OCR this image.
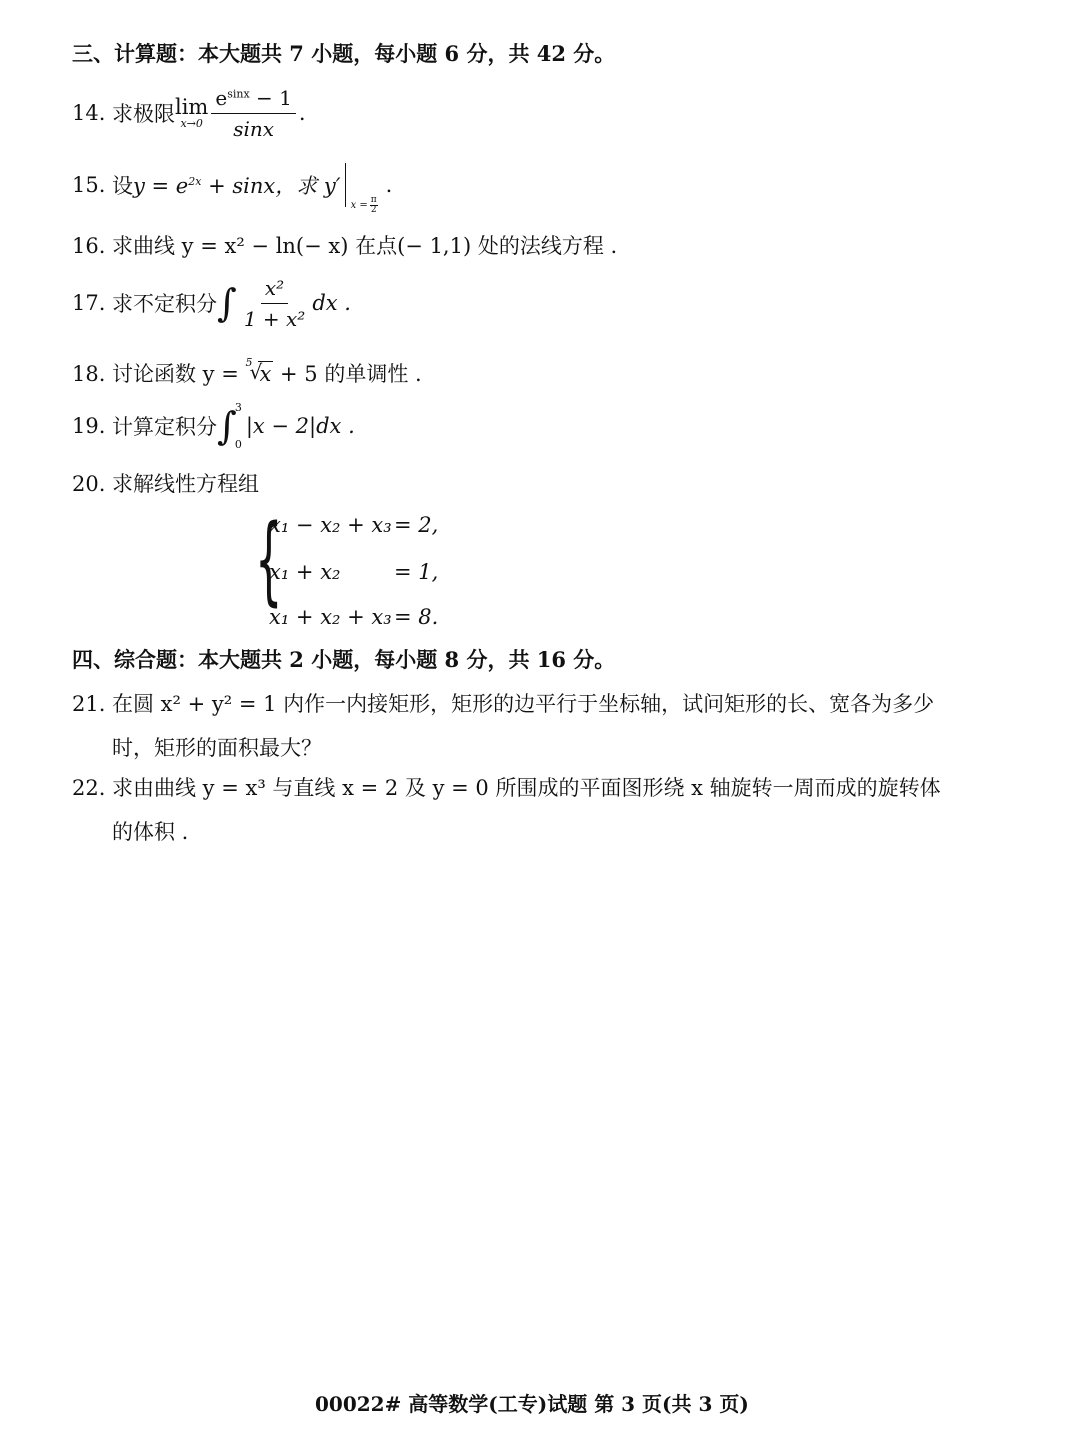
三、计算题：本大题共 7 小题，每小题 6 分，共 42 分。
14. 求极限 lim
$x\to 0 \frac{e^{sinx} - 1}{\sin x}$ .
15. 设 $y = e^{2x} + \sin x$，求 y′
$x = \frac{\pi}{2}$
.
16. 求曲线 y = x² − ln(− x) 在点(− 1,1) 处的法线方程 .
17. 求不定积分 ∫ $\frac{\text{x²}}{\text{1 + x²}}$ dx .
18. 讨论函数 y = 5
√
x + 5 的单调性 .
19. 计算定积分 ∫
3
0
|x − 2|dx .
20. 求解线性方程组
{
x₁ − x₂ + x₃ = 2,
x₁ + x₂	= 1,
x₁ + x₂ + x₃ = 8.
四、综合题：本大题共 2 小题，每小题 8 分，共 16 分。
21. 在圆 x² + y² = 1 内作一内接矩形，矩形的边平行于坐标轴，试问矩形的长、宽各为多少
时，矩形的面积最大？
22. 求由曲线 y = x³ 与直线 x = 2 及 y = 0 所围成的平面图形绕 x 轴旋转一周而成的旋转体
的体积 .
00022# 高等数学(工专)试题 第 3 页(共 3 页)
